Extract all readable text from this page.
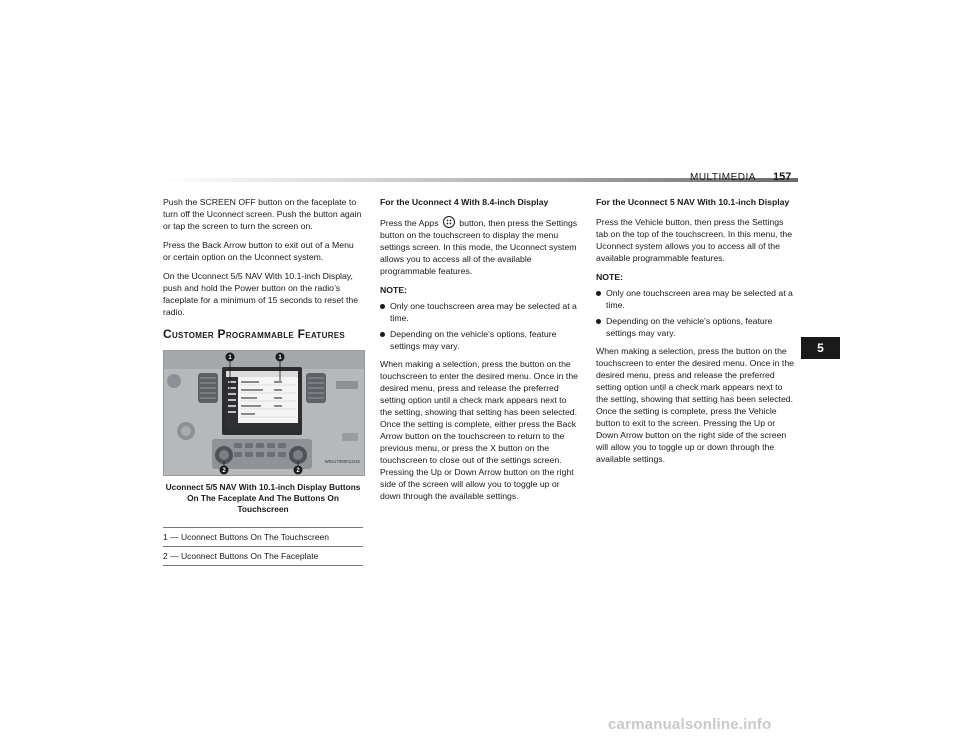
MULTIMEDIA 157

Push the SCREEN OFF button on the faceplate to turn off the Uconnect screen. Push the button again or tap the screen to turn the screen on.

Press the Back Arrow button to exit out of a Menu or certain option on the Uconnect system.

On the Uconnect 5/5 NAV With 10.1-inch Display, push and hold the Power button on the radio’s faceplate for a minimum of 15 seconds to reset the radio.

Customer Programmable Features
1	1
2	2
W0417000012US
Uconnect 5/5 NAV With 10.1-inch Display Buttons On The Faceplate And The Buttons On Touchscreen
1 — Uconnect Buttons On The Touchscreen
2 — Uconnect Buttons On The Faceplate
For the Uconnect 4 With 8.4-inch Display

Press the Apps button, then press the Settings button on the touchscreen to display the menu settings screen. In this mode, the Uconnect system allows you to access all of the available programmable features.

NOTE:
Only one touchscreen area may be selected at a time.
Depending on the vehicle’s options, feature settings may vary.

When making a selection, press the button on the touchscreen to enter the desired menu. Once in the desired menu, press and release the preferred setting option until a check mark appears next to the setting, showing that setting has been selected. Once the setting is complete, either press the Back Arrow button on the touchscreen to return to the previous menu, or press the X button on the touchscreen to close out of the settings screen. Pressing the Up or Down Arrow button on the right side of the screen will allow you to toggle up or down through the available settings.

For the Uconnect 5 NAV With 10.1-inch Display

Press the Vehicle button, then press the Settings tab on the top of the touchscreen. In this menu, the Uconnect system allows you to access all of the available programmable features.

NOTE:
Only one touchscreen area may be selected at a time.
Depending on the vehicle’s options, feature settings may vary.

When making a selection, press the button on the touchscreen to enter the desired menu. Once in the desired menu, press and release the preferred setting option until a check mark appears next to the setting, showing that setting has been selected. Once the setting is complete, press the Vehicle button to exit to the screen. Pressing the Up or Down Arrow button on the right side of the screen will allow you to toggle up or down through the available settings.

5
carmanualsonline.info
